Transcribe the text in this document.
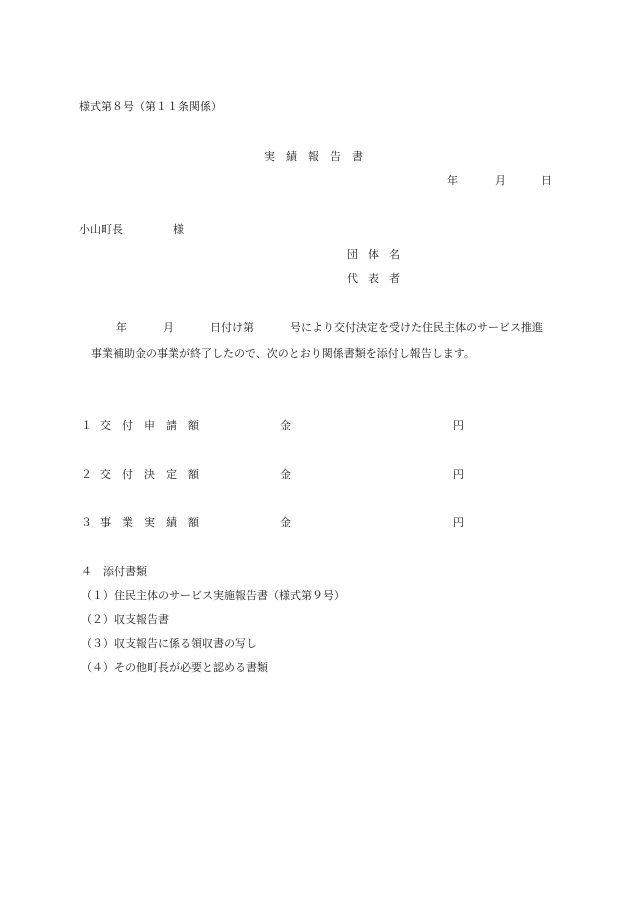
様式第８号（第１１条関係）
実績報告書
年	月	日
小山町長	様
団体名
代表者
年	月	日付け第	号により交付決定を受けた住民主体のサービス推進
事業補助金の事業が終了したので、次のとおり関係書類を添付し報告します。
１ 交付申請額	金	円
２ 交付決定額	金	円
３ 事業実績額	金	円
４　添付書類
（１）住民主体のサービス実施報告書（様式第９号）
（２）収支報告書
（３）収支報告に係る領収書の写し
（４）その他町長が必要と認める書類
